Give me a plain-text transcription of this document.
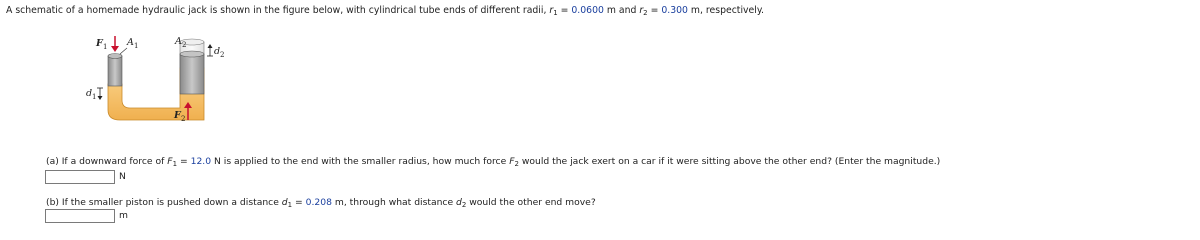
A schematic of a homemade hydraulic jack is shown in the figure below, with cylindrical tube ends of different radii, $r_1 = 0.0600$ m and $r_2 = 0.300$ m, respectively.
F 1 A 1	A 2
d 2
d 1
F 2
(a) If a downward force of $F_1 = 12.0$ N is applied to the end with the smaller radius, how much force $F_2$ would the jack exert on a car if it were sitting above the other end? (Enter the magnitude.)
N
(b) If the smaller piston is pushed down a distance $d_1 = 0.208$ m, through what distance $d_2$ would the other end move?
m
